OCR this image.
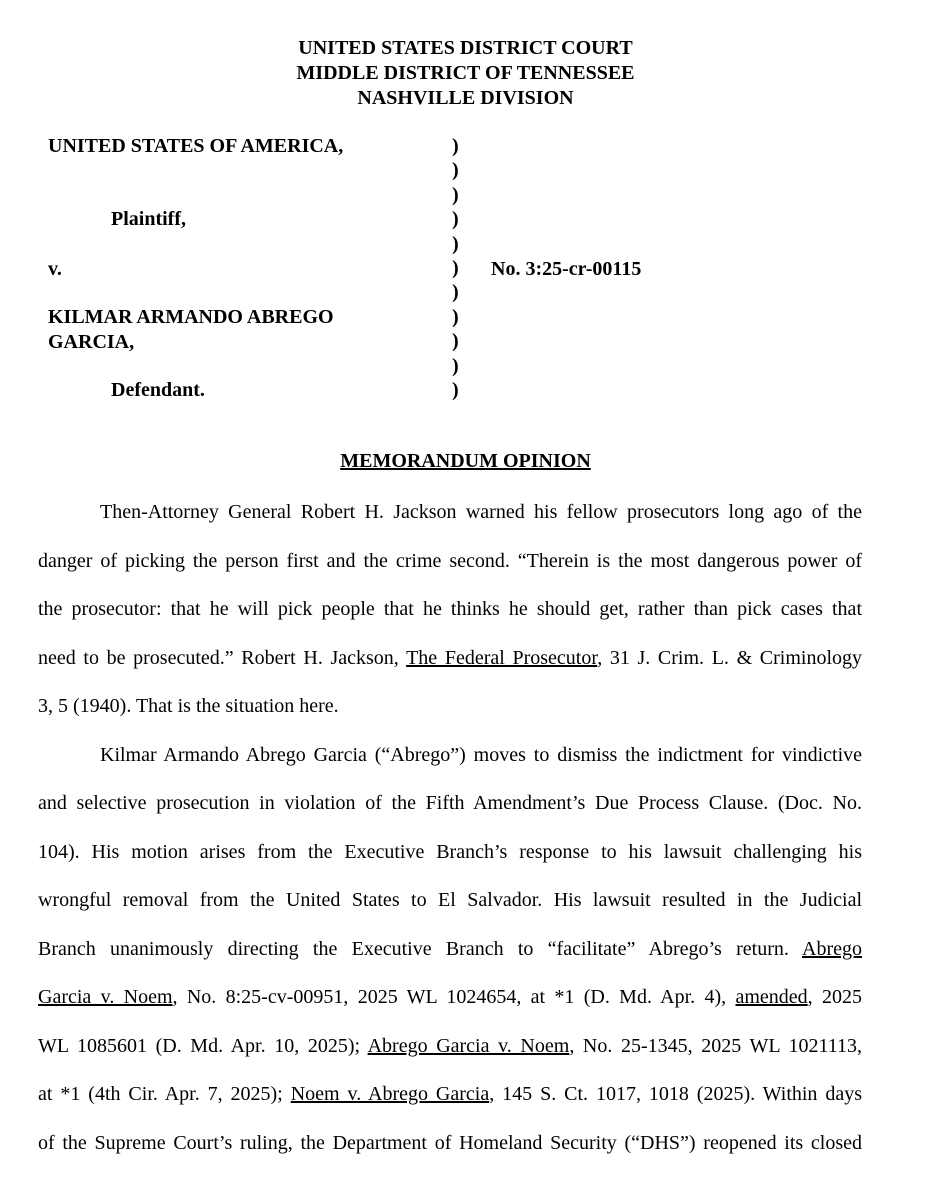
UNITED STATES DISTRICT COURT
MIDDLE DISTRICT OF TENNESSEE
NASHVILLE DIVISION
UNITED STATES OF AMERICA,
Plaintiff,
v.
KILMAR ARMANDO ABREGO
GARCIA,
Defendant.
No. 3:25-cr-00115
)
)
)
)
)
)
)
)
)
)
)
MEMORANDUM OPINION
Then-Attorney General Robert H. Jackson warned his fellow prosecutors long ago of the
danger of picking the person first and the crime second. “Therein is the most dangerous power of
the prosecutor: that he will pick people that he thinks he should get, rather than pick cases that
need to be prosecuted.” Robert H. Jackson, The Federal Prosecutor, 31 J. Crim. L. & Criminology
3, 5 (1940). That is the situation here.
Kilmar Armando Abrego Garcia (“Abrego”) moves to dismiss the indictment for vindictive
and selective prosecution in violation of the Fifth Amendment’s Due Process Clause. (Doc. No.
104). His motion arises from the Executive Branch’s response to his lawsuit challenging his
wrongful removal from the United States to El Salvador. His lawsuit resulted in the Judicial
Branch unanimously directing the Executive Branch to “facilitate” Abrego’s return. Abrego
Garcia v. Noem, No. 8:25-cv-00951, 2025 WL 1024654, at *1 (D. Md. Apr. 4), amended, 2025
WL 1085601 (D. Md. Apr. 10, 2025); Abrego Garcia v. Noem, No. 25-1345, 2025 WL 1021113,
at *1 (4th Cir. Apr. 7, 2025); Noem v. Abrego Garcia, 145 S. Ct. 1017, 1018 (2025). Within days
of the Supreme Court’s ruling, the Department of Homeland Security (“DHS”) reopened its closed
